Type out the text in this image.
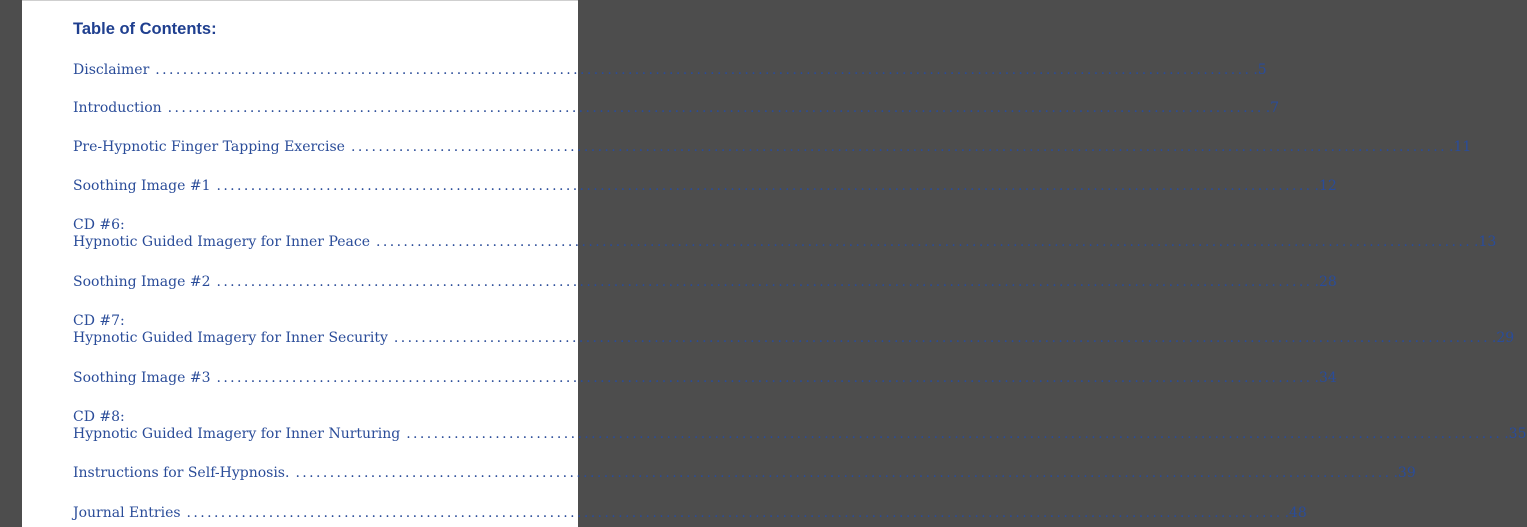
Table of Contents:
Disclaimer ................................................................................................................................................................ .5
Introduction ................................................................................................................................................................ .7
Pre-Hypnotic Finger Tapping Exercise ................................................................................................................................................................ .11
Soothing Image #1 ................................................................................................................................................................ .12
CD #6:
Hypnotic Guided Imagery for Inner Peace ................................................................................................................................................................ .13
Soothing Image #2 ................................................................................................................................................................ .28
CD #7:
Hypnotic Guided Imagery for Inner Security ................................................................................................................................................................ .29
Soothing Image #3 ................................................................................................................................................................ .34
CD #8:
Hypnotic Guided Imagery for Inner Nurturing ................................................................................................................................................................ .35
Instructions for Self-Hypnosis. ................................................................................................................................................................ .39
Journal Entries ................................................................................................................................................................ .48
